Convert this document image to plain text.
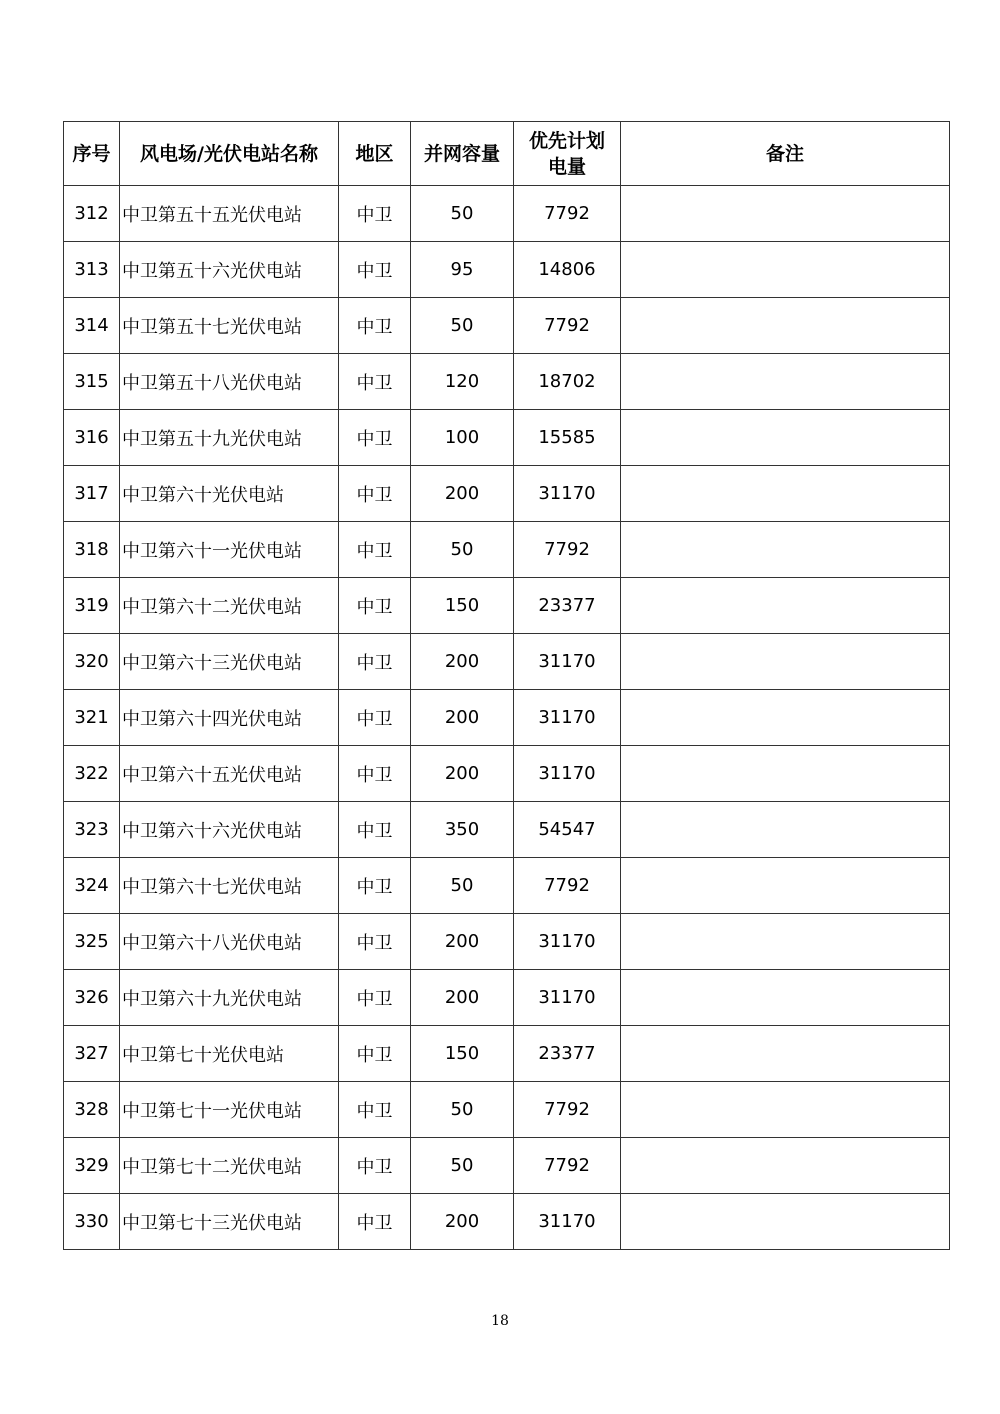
序号	风电场/光伏电站名称	地区	并网容量	优先计划电量	备注
312	中卫第五十五光伏电站	中卫	50	7792	
313	中卫第五十六光伏电站	中卫	95	14806	
314	中卫第五十七光伏电站	中卫	50	7792	
315	中卫第五十八光伏电站	中卫	120	18702	
316	中卫第五十九光伏电站	中卫	100	15585	
317	中卫第六十光伏电站	中卫	200	31170	
318	中卫第六十一光伏电站	中卫	50	7792	
319	中卫第六十二光伏电站	中卫	150	23377	
320	中卫第六十三光伏电站	中卫	200	31170	
321	中卫第六十四光伏电站	中卫	200	31170	
322	中卫第六十五光伏电站	中卫	200	31170	
323	中卫第六十六光伏电站	中卫	350	54547	
324	中卫第六十七光伏电站	中卫	50	7792	
325	中卫第六十八光伏电站	中卫	200	31170	
326	中卫第六十九光伏电站	中卫	200	31170	
327	中卫第七十光伏电站	中卫	150	23377	
328	中卫第七十一光伏电站	中卫	50	7792	
329	中卫第七十二光伏电站	中卫	50	7792	
330	中卫第七十三光伏电站	中卫	200	31170	
18
